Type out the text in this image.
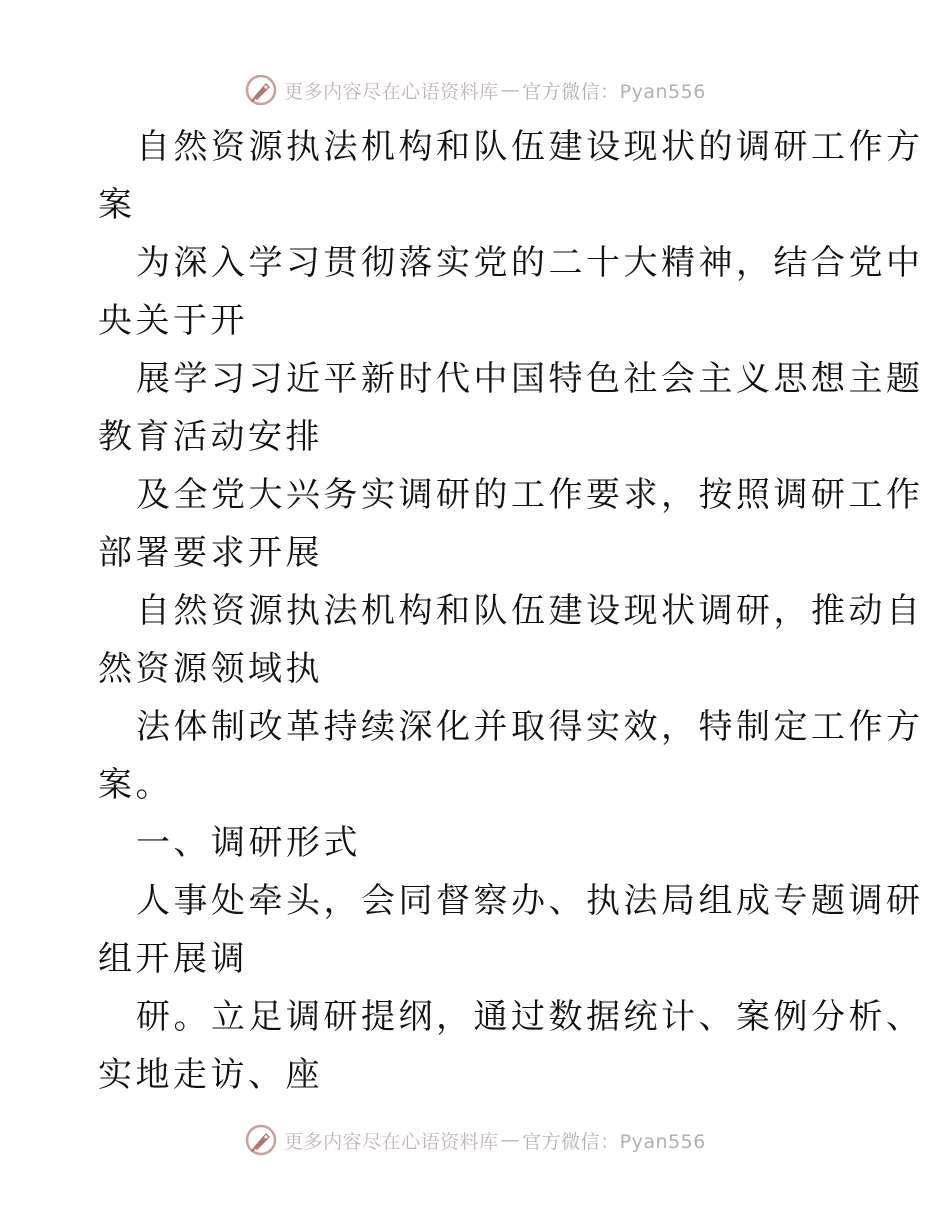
更多内容尽在心语资料库 — 官方微信：Pyan556
自然资源执法机构和队伍建设现状的调研工作方
案
为深入学习贯彻落实党的二十大精神，结合党中
央关于开
展学习习近平新时代中国特色社会主义思想主题
教育活动安排
及全党大兴务实调研的工作要求，按照调研工作
部署要求开展
自然资源执法机构和队伍建设现状调研，推动自
然资源领域执
法体制改革持续深化并取得实效，特制定工作方
案。
一、调研形式
人事处牵头，会同督察办、执法局组成专题调研
组开展调
研。立足调研提纲，通过数据统计、案例分析、
实地走访、座
更多内容尽在心语资料库 — 官方微信：Pyan556
